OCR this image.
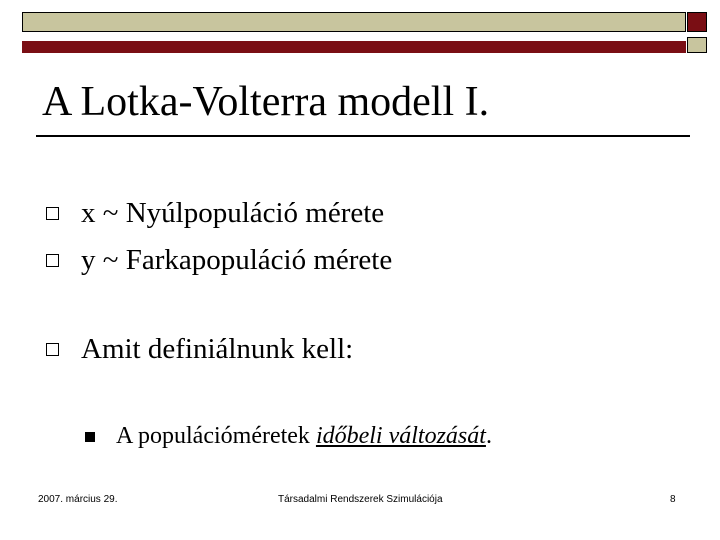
A Lotka-Volterra modell I.
x ~ Nyúlpopuláció mérete
y ~ Farkapopuláció mérete
Amit definiálnunk kell:
A populációméretek időbeli változását.
2007. március 29.	Társadalmi Rendszerek Szimulációja	8
